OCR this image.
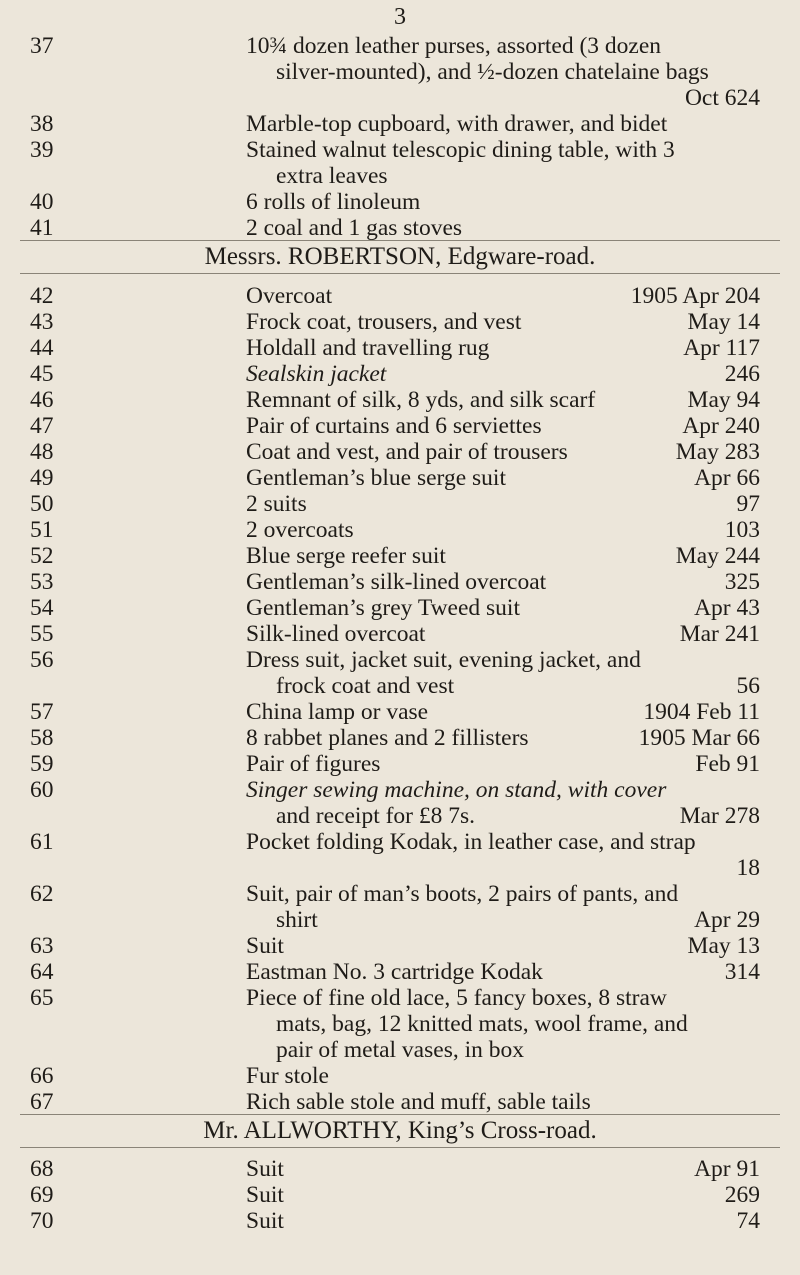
3
37	10¾ dozen leather purses, assorted (3 dozen
silver-mounted), and ½-dozen chatelaine bags
Oct 624
38	Marble-top cupboard, with drawer, and bidet
39	Stained walnut telescopic dining table, with 3
extra leaves
40	6 rolls of linoleum
41	2 coal and 1 gas stoves
Messrs. ROBERTSON, Edgware-road.
42	Overcoat	1905 Apr 204
43	Frock coat, trousers, and vest	May 14
44	Holdall and travelling rug	Apr 117
45	Sealskin jacket	246
46	Remnant of silk, 8 yds, and silk scarf	May 94
47	Pair of curtains and 6 serviettes	Apr 240
48	Coat and vest, and pair of trousers	May 283
49	Gentleman’s blue serge suit	Apr 66
50	2 suits	97
51	2 overcoats	103
52	Blue serge reefer suit	May 244
53	Gentleman’s silk-lined overcoat	325
54	Gentleman’s grey Tweed suit	Apr 43
55	Silk-lined overcoat	Mar 241
56	Dress suit, jacket suit, evening jacket, and
frock coat and vest	56
57	China lamp or vase	1904 Feb 11
58	8 rabbet planes and 2 fillisters	1905 Mar 66
59	Pair of figures	Feb 91
60	Singer sewing machine, on stand, with cover
and receipt for £8 7s.	Mar 278
61	Pocket folding Kodak, in leather case, and strap
18
62	Suit, pair of man’s boots, 2 pairs of pants, and
shirt	Apr 29
63	Suit	May 13
64	Eastman No. 3 cartridge Kodak	314
65	Piece of fine old lace, 5 fancy boxes, 8 straw
mats, bag, 12 knitted mats, wool frame, and
pair of metal vases, in box
66	Fur stole
67	Rich sable stole and muff, sable tails
Mr. ALLWORTHY, King’s Cross-road.
68	Suit	Apr 91
69	Suit	269
70	Suit	74
